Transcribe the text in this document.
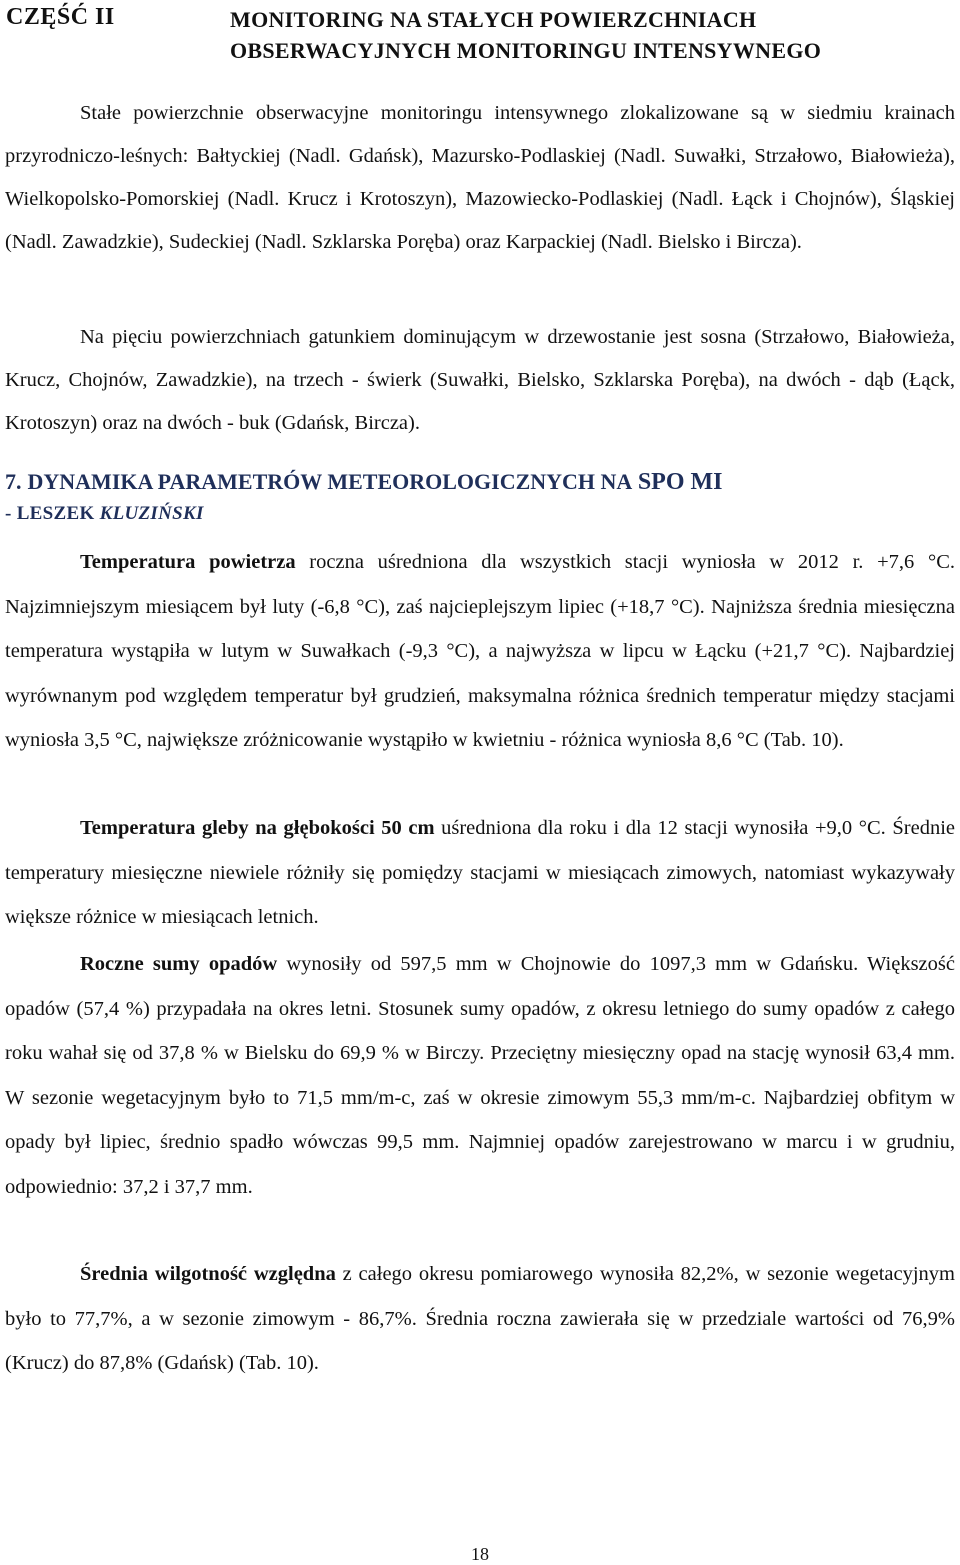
CZĘŚĆ II	MONITORING NA STAŁYCH POWIERZCHNIACH OBSERWACYJNYCH MONITORINGU INTENSYWNEGO

Stałe powierzchnie obserwacyjne monitoringu intensywnego zlokalizowane są w siedmiu krainach przyrodniczo-leśnych: Bałtyckiej (Nadl. Gdańsk), Mazursko-Podlaskiej (Nadl. Suwałki, Strzałowo, Białowieża), Wielkopolsko-Pomorskiej (Nadl. Krucz i Krotoszyn), Mazowiecko-Podlaskiej (Nadl. Łąck i Chojnów), Śląskiej (Nadl. Zawadzkie), Sudeckiej (Nadl. Szklarska Poręba) oraz Karpackiej (Nadl. Bielsko i Bircza).

Na pięciu powierzchniach gatunkiem dominującym w drzewostanie jest sosna (Strzałowo, Białowieża, Krucz, Chojnów, Zawadzkie), na trzech - świerk (Suwałki, Bielsko, Szklarska Poręba), na dwóch - dąb (Łąck, Krotoszyn) oraz na dwóch - buk (Gdańsk, Bircza).

7. DYNAMIKA PARAMETRÓW METEOROLOGICZNYCH NA SPO MI
- LESZEK KLUZIŃSKI

Temperatura powietrza roczna uśredniona dla wszystkich stacji wyniosła w 2012 r. +7,6 °C. Najzimniejszym miesiącem był luty (-6,8 °C), zaś najcieplejszym lipiec (+18,7 °C). Najniższa średnia miesięczna temperatura wystąpiła w lutym w Suwałkach (-9,3 °C), a najwyższa w lipcu w Łącku (+21,7 °C). Najbardziej wyrównanym pod względem temperatur był grudzień, maksymalna różnica średnich temperatur między stacjami wyniosła 3,5 °C, największe zróżnicowanie wystąpiło w kwietniu - różnica wyniosła 8,6 °C (Tab. 10).

Temperatura gleby na głębokości 50 cm uśredniona dla roku i dla 12 stacji wynosiła +9,0 °C. Średnie temperatury miesięczne niewiele różniły się pomiędzy stacjami w miesiącach zimowych, natomiast wykazywały większe różnice w miesiącach letnich.

Roczne sumy opadów wynosiły od 597,5 mm w Chojnowie do 1097,3 mm w Gdańsku. Większość opadów (57,4 %) przypadała na okres letni. Stosunek sumy opadów, z okresu letniego do sumy opadów z całego roku wahał się od 37,8 % w Bielsku do 69,9 % w Birczy. Przeciętny miesięczny opad na stację wynosił 63,4 mm. W sezonie wegetacyjnym było to 71,5 mm/m-c, zaś w okresie zimowym 55,3 mm/m-c. Najbardziej obfitym w opady był lipiec, średnio spadło wówczas 99,5 mm. Najmniej opadów zarejestrowano w marcu i w grudniu, odpowiednio: 37,2 i 37,7 mm.

Średnia wilgotność względna z całego okresu pomiarowego wynosiła 82,2%, w sezonie wegetacyjnym było to 77,7%, a w sezonie zimowym - 86,7%. Średnia roczna zawierała się w przedziale wartości od 76,9% (Krucz) do 87,8% (Gdańsk) (Tab. 10).

18
